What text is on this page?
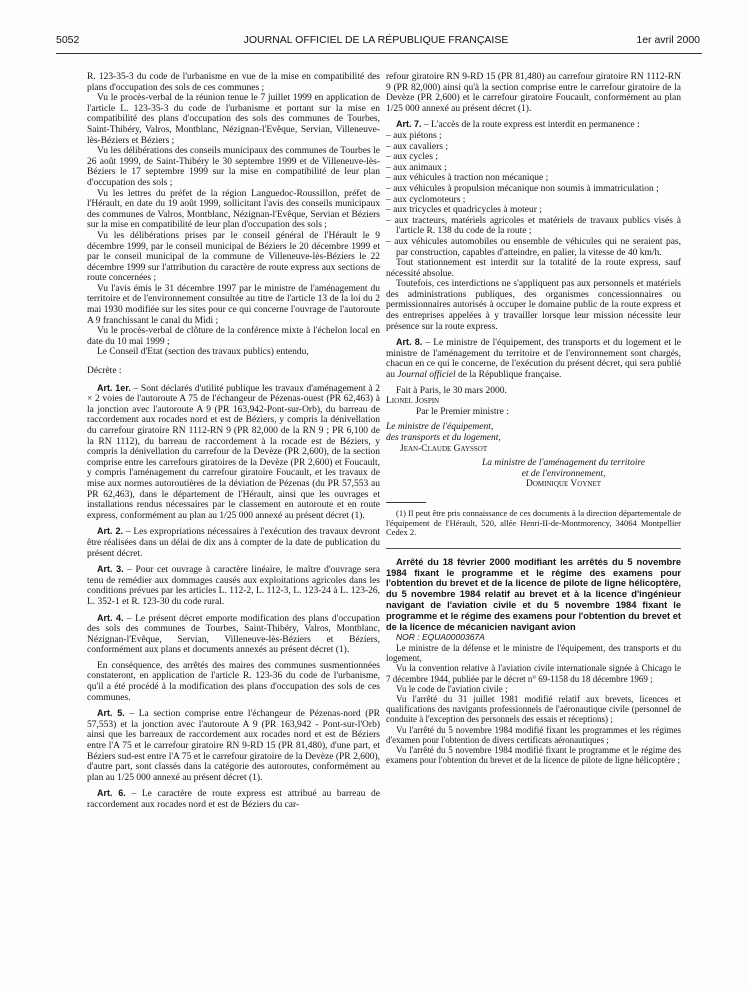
5052	JOURNAL OFFICIEL DE LA RÉPUBLIQUE FRANÇAISE	1er avril 2000

R. 123-35-3 du code de l'urbanisme en vue de la mise en compatibilité des plans d'occupation des sols de ces communes ;

Vu le procès-verbal de la réunion tenue le 7 juillet 1999 en application de l'article L. 123-35-3 du code de l'urbanisme et portant sur la mise en compatibilité des plans d'occupation des sols des communes de Tourbes, Saint-Thibéry, Valros, Montblanc, Nézignan-l'Evêque, Servian, Villeneuve-lès-Béziers et Béziers ;

Vu les délibérations des conseils municipaux des communes de Tourbes le 26 août 1999, de Saint-Thibéry le 30 septembre 1999 et de Villeneuve-lès-Béziers le 17 septembre 1999 sur la mise en compatibilité de leur plan d'occupation des sols ;

Vu les lettres du préfet de la région Languedoc-Roussillon, préfet de l'Hérault, en date du 19 août 1999, sollicitant l'avis des conseils municipaux des communes de Valros, Montblanc, Nézignan-l'Evêque, Servian et Béziers sur la mise en compatibilité de leur plan d'occupation des sols ;

Vu les délibérations prises par le conseil général de l'Hérault le 9 décembre 1999, par le conseil municipal de Béziers le 20 décembre 1999 et par le conseil municipal de la commune de Villeneuve-lès-Béziers le 22 décembre 1999 sur l'attribution du caractère de route express aux sections de route concernées ;

Vu l'avis émis le 31 décembre 1997 par le ministre de l'aménagement du territoire et de l'environnement consultée au titre de l'article 13 de la loi du 2 mai 1930 modifiée sur les sites pour ce qui concerne l'ouvrage de l'autoroute A 9 franchissant le canal du Midi ;

Vu le procès-verbal de clôture de la conférence mixte à l'échelon local en date du 10 mai 1999 ;

Le Conseil d'Etat (section des travaux publics) entendu,

Décrète :

Art. 1er. – Sont déclarés d'utilité publique les travaux d'aménagement à 2 × 2 voies de l'autoroute A 75 de l'échangeur de Pézenas-ouest (PR 62,463) à la jonction avec l'autoroute A 9 (PR 163,942-Pont-sur-Orb), du barreau de raccordement aux rocades nord et est de Béziers, y compris la dénivellation du carrefour giratoire RN 1112-RN 9 (PR 82,000 de la RN 9 ; PR 6,100 de la RN 1112), du barreau de raccordement à la rocade est de Béziers, y compris la dénivellation du carrefour de la Devèze (PR 2,600), de la section comprise entre les carrefours giratoires de la Devèze (PR 2,600) et Foucault, y compris l'aménagement du carrefour giratoire Foucault, et les travaux de mise aux normes autoroutières de la déviation de Pézenas (du PR 57,553 au PR 62,463), dans le département de l'Hérault, ainsi que les ouvrages et installations rendus nécessaires par le classement en autoroute et en route express, conformément au plan au 1/25 000 annexé au présent décret (1).

Art. 2. – Les expropriations nécessaires à l'exécution des travaux devront être réalisées dans un délai de dix ans à compter de la date de publication du présent décret.

Art. 3. – Pour cet ouvrage à caractère linéaire, le maître d'ouvrage sera tenu de remédier aux dommages causés aux exploitations agricoles dans les conditions prévues par les articles L. 112-2, L. 112-3, L. 123-24 à L. 123-26, L. 352-1 et R. 123-30 du code rural.

Art. 4. – Le présent décret emporte modification des plans d'occupation des sols des communes de Tourbes, Saint-Thibéry, Valros, Montblanc, Nézignan-l'Evêque, Servian, Villeneuve-lès-Béziers et Béziers, conformément aux plans et documents annexés au présent décret (1).

En conséquence, des arrêtés des maires des communes susmentionnées constateront, en application de l'article R. 123-36 du code de l'urbanisme, qu'il a été procédé à la modification des plans d'occupation des sols de ces communes.

Art. 5. – La section comprise entre l'échangeur de Pézenas-nord (PR 57,553) et la jonction avec l'autoroute A 9 (PR 163,942 - Pont-sur-l'Orb) ainsi que les barreaux de raccordement aux rocades nord et est de Béziers entre l'A 75 et le carrefour giratoire RN 9-RD 15 (PR 81,480), d'une part, et Béziers sud-est entre l'A 75 et le carrefour giratoire de la Devèze (PR 2,600), d'autre part, sont classés dans la catégorie des autoroutes, conformément au plan au 1/25 000 annexé au présent décret (1).

Art. 6. – Le caractère de route express est attribué au barreau de raccordement aux rocades nord et est de Béziers du car-

refour giratoire RN 9-RD 15 (PR 81,480) au carrefour giratoire RN 1112-RN 9 (PR 82,000) ainsi qu'à la section comprise entre le carrefour giratoire de la Devèze (PR 2,600) et le carrefour giratoire Foucault, conformément au plan 1/25 000 annexé au présent décret (1).

Art. 7. – L'accès de la route express est interdit en permanence :

– aux piétons ;
– aux cavaliers ;
– aux cycles ;
– aux animaux ;
– aux véhicules à traction non mécanique ;
– aux véhicules à propulsion mécanique non soumis à immatriculation ;
– aux cyclomoteurs ;
– aux tricycles et quadricycles à moteur ;
– aux tracteurs, matériels agricoles et matériels de travaux publics visés à l'article R. 138 du code de la route ;
– aux véhicules automobiles ou ensemble de véhicules qui ne seraient pas, par construction, capables d'atteindre, en palier, la vitesse de 40 km/h.

Tout stationnement est interdit sur la totalité de la route express, sauf nécessité absolue.

Toutefois, ces interdictions ne s'appliquent pas aux personnels et matériels des administrations publiques, des organismes concessionnaires ou permissionnaires autorisés à occuper le domaine public de la route express et des entreprises appelées à y travailler lorsque leur mission nécessite leur présence sur la route express.

Art. 8. – Le ministre de l'équipement, des transports et du logement et le ministre de l'aménagement du territoire et de l'environnement sont chargés, chacun en ce qui le concerne, de l'exécution du présent décret, qui sera publié au Journal officiel de la République française.

Fait à Paris, le 30 mars 2000.

Lionel Jospin

Par le Premier ministre :

Le ministre de l'équipement,

des transports et du logement,

Jean-Claude Gayssot

La ministre de l'aménagement du territoire

et de l'environnement,

Dominique Voynet

(1) Il peut être pris connaissance de ces documents à la direction départementale de l'équipement de l'Hérault, 520, allée Henri-II-de-Montmorency, 34064 Montpellier Cedex 2.

Arrêté du 18 février 2000 modifiant les arrêtés du 5 novembre 1984 fixant le programme et le régime des examens pour l'obtention du brevet et de la licence de pilote de ligne hélicoptère, du 5 novembre 1984 relatif au brevet et à la licence d'ingénieur navigant de l'aviation civile et du 5 novembre 1984 fixant le programme et le régime des examens pour l'obtention du brevet et de la licence de mécanicien navigant avion

NOR : EQUA0000367A

Le ministre de la défense et le ministre de l'équipement, des transports et du logement,

Vu la convention relative à l'aviation civile internationale signée à Chicago le 7 décembre 1944, publiée par le décret n° 69-1158 du 18 décembre 1969 ;

Vu le code de l'aviation civile ;

Vu l'arrêté du 31 juillet 1981 modifié relatif aux brevets, licences et qualifications des navigants professionnels de l'aéronautique civile (personnel de conduite à l'exception des personnels des essais et réceptions) ;

Vu l'arrêté du 5 novembre 1984 modifié fixant les programmes et les régimes d'examen pour l'obtention de divers certificats aéronautiques ;

Vu l'arrêté du 5 novembre 1984 modifié fixant le programme et le régime des examens pour l'obtention du brevet et de la licence de pilote de ligne hélicoptère ;
